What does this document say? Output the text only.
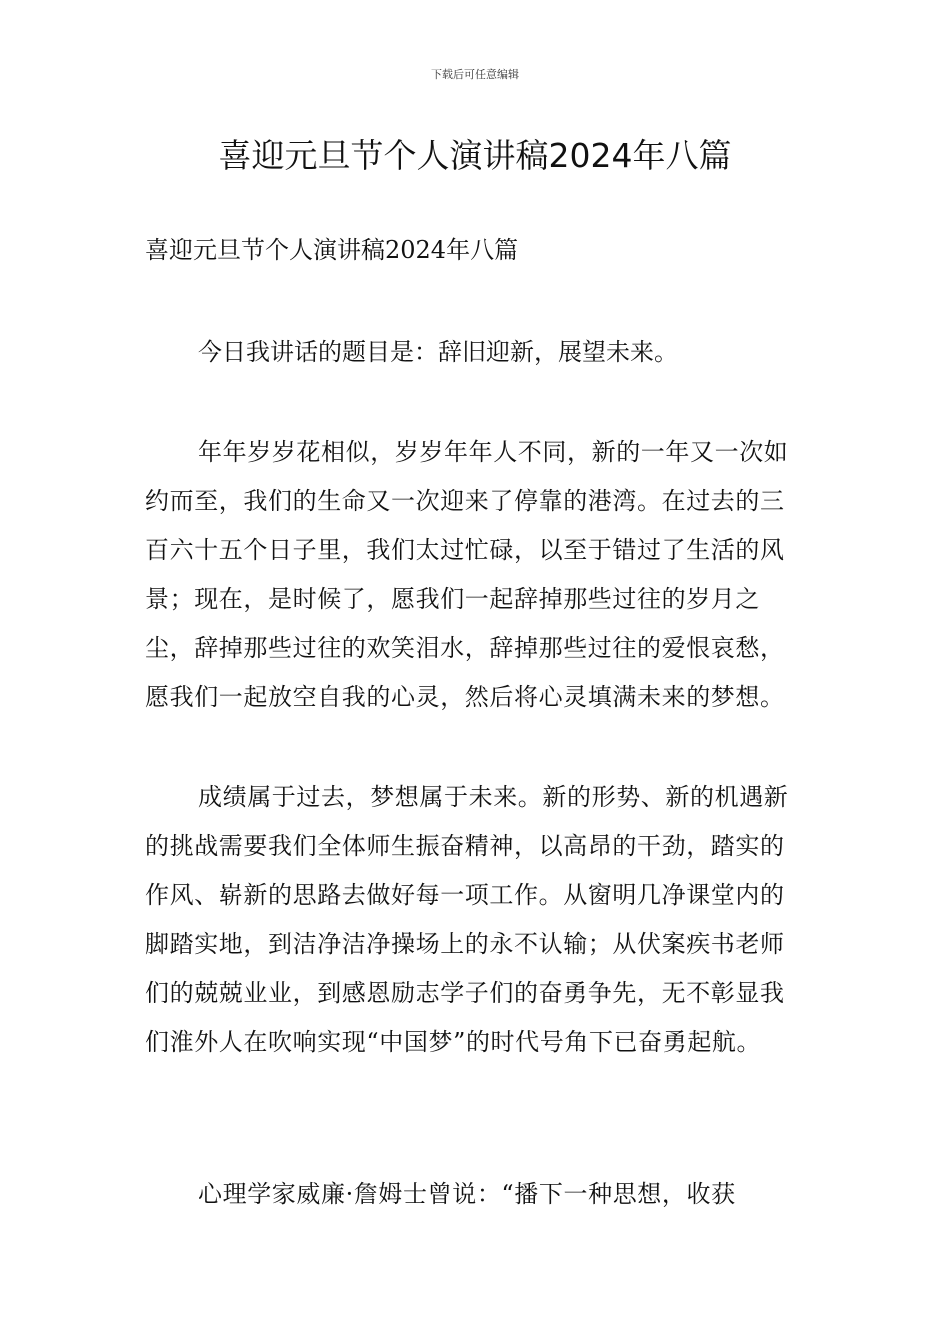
下载后可任意编辑
喜迎元旦节个人演讲稿2024年八篇

喜迎元旦节个人演讲稿2024年八篇

今日我讲话的题目是：辞旧迎新，展望未来。

年年岁岁花相似，岁岁年年人不同，新的一年又一次如约而至，我们的生命又一次迎来了停靠的港湾。在过去的三百六十五个日子里，我们太过忙碌，以至于错过了生活的风景；现在，是时候了，愿我们一起辞掉那些过往的岁月之尘，辞掉那些过往的欢笑泪水，辞掉那些过往的爱恨哀愁，愿我们一起放空自我的心灵，然后将心灵填满未来的梦想。

成绩属于过去，梦想属于未来。新的形势、新的机遇新的挑战需要我们全体师生振奋精神，以高昂的干劲，踏实的作风、崭新的思路去做好每一项工作。从窗明几净课堂内的脚踏实地，到洁净洁净操场上的永不认输；从伏案疾书老师们的兢兢业业，到感恩励志学子们的奋勇争先，无不彰显我们淮外人在吹响实现“中国梦”的时代号角下已奋勇起航。

心理学家威廉·詹姆士曾说：“播下一种思想，收获
